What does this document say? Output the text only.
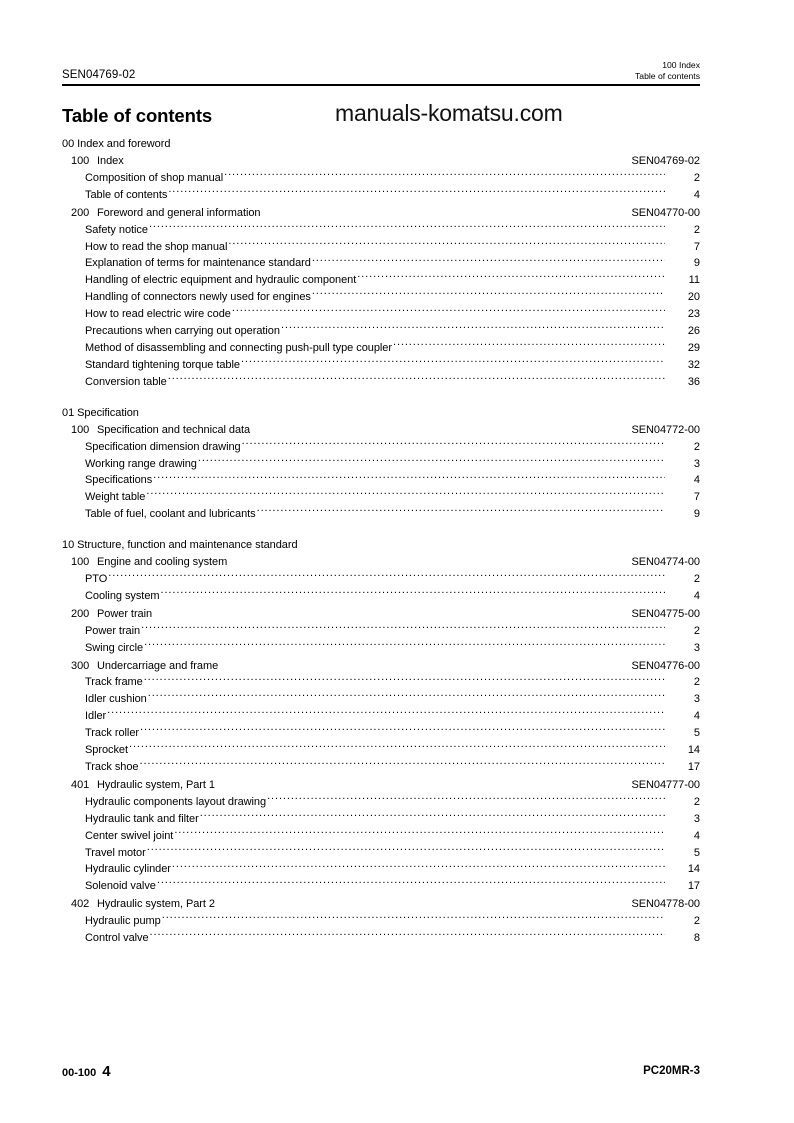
SEN04769-02
100 Index
Table of contents
Table of contents	manuals-komatsu.com
00 Index and foreword
100 Index	SEN04769-02
Composition of shop manual .....	2
Table of contents .....	4
200 Foreword and general information	SEN04770-00
Safety notice .....	2
How to read the shop manual .....	7
Explanation of terms for maintenance standard .....	9
Handling of electric equipment and hydraulic component .....	11
Handling of connectors newly used for engines .....	20
How to read electric wire code .....	23
Precautions when carrying out operation .....	26
Method of disassembling and connecting push-pull type coupler .....	29
Standard tightening torque table .....	32
Conversion table .....	36
01 Specification
100 Specification and technical data	SEN04772-00
Specification dimension drawing .....	2
Working range drawing .....	3
Specifications .....	4
Weight table .....	7
Table of fuel, coolant and lubricants .....	9
10 Structure, function and maintenance standard
100 Engine and cooling system	SEN04774-00
PTO .....	2
Cooling system .....	4
200 Power train	SEN04775-00
Power train .....	2
Swing circle .....	3
300 Undercarriage and frame	SEN04776-00
Track frame .....	2
Idler cushion .....	3
Idler .....	4
Track roller .....	5
Sprocket .....	14
Track shoe .....	17
401 Hydraulic system, Part 1	SEN04777-00
Hydraulic components layout drawing .....	2
Hydraulic tank and filter .....	3
Center swivel joint .....	4
Travel motor .....	5
Hydraulic cylinder .....	14
Solenoid valve .....	17
402 Hydraulic system, Part 2	SEN04778-00
Hydraulic pump .....	2
Control valve .....	8
00-100 4	PC20MR-3
